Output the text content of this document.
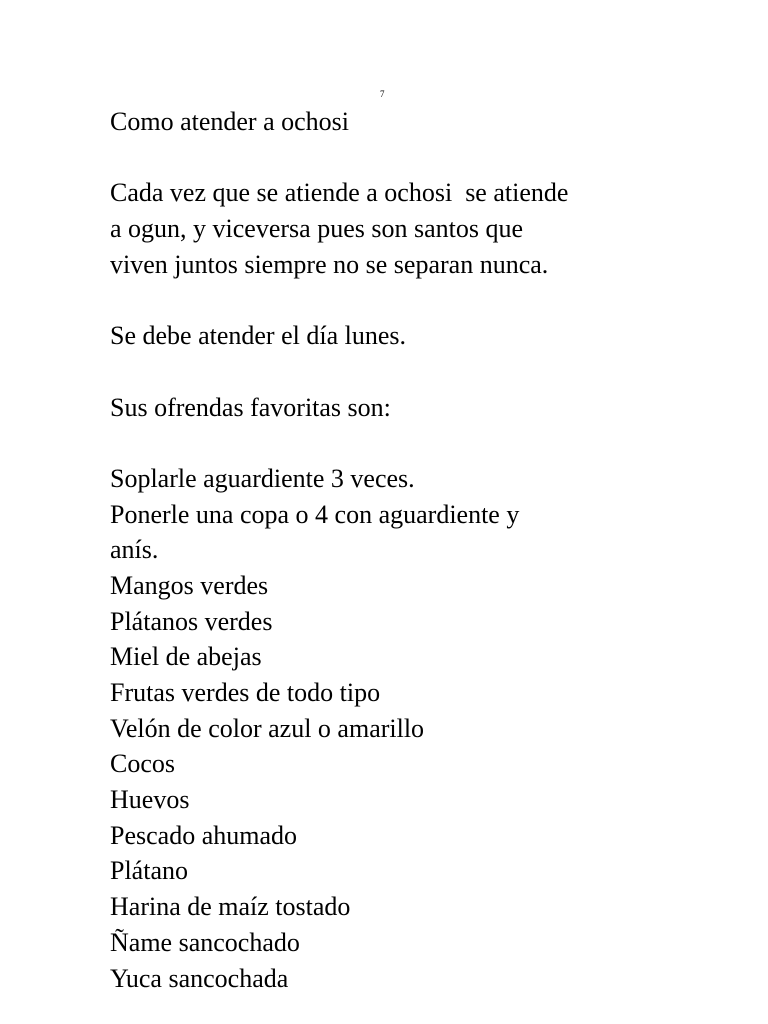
7
Como atender a ochosi
Cada vez que se atiende a ochosi  se atiende
a ogun, y viceversa pues son santos que
viven juntos siempre no se separan nunca.
Se debe atender el día lunes.
Sus ofrendas favoritas son:
Soplarle aguardiente 3 veces.
Ponerle una copa o 4 con aguardiente y
anís.
Mangos verdes
Plátanos verdes
Miel de abejas
Frutas verdes de todo tipo
Velón de color azul o amarillo
Cocos
Huevos
Pescado ahumado
Plátano
Harina de maíz tostado
Ñame sancochado
Yuca sancochada
